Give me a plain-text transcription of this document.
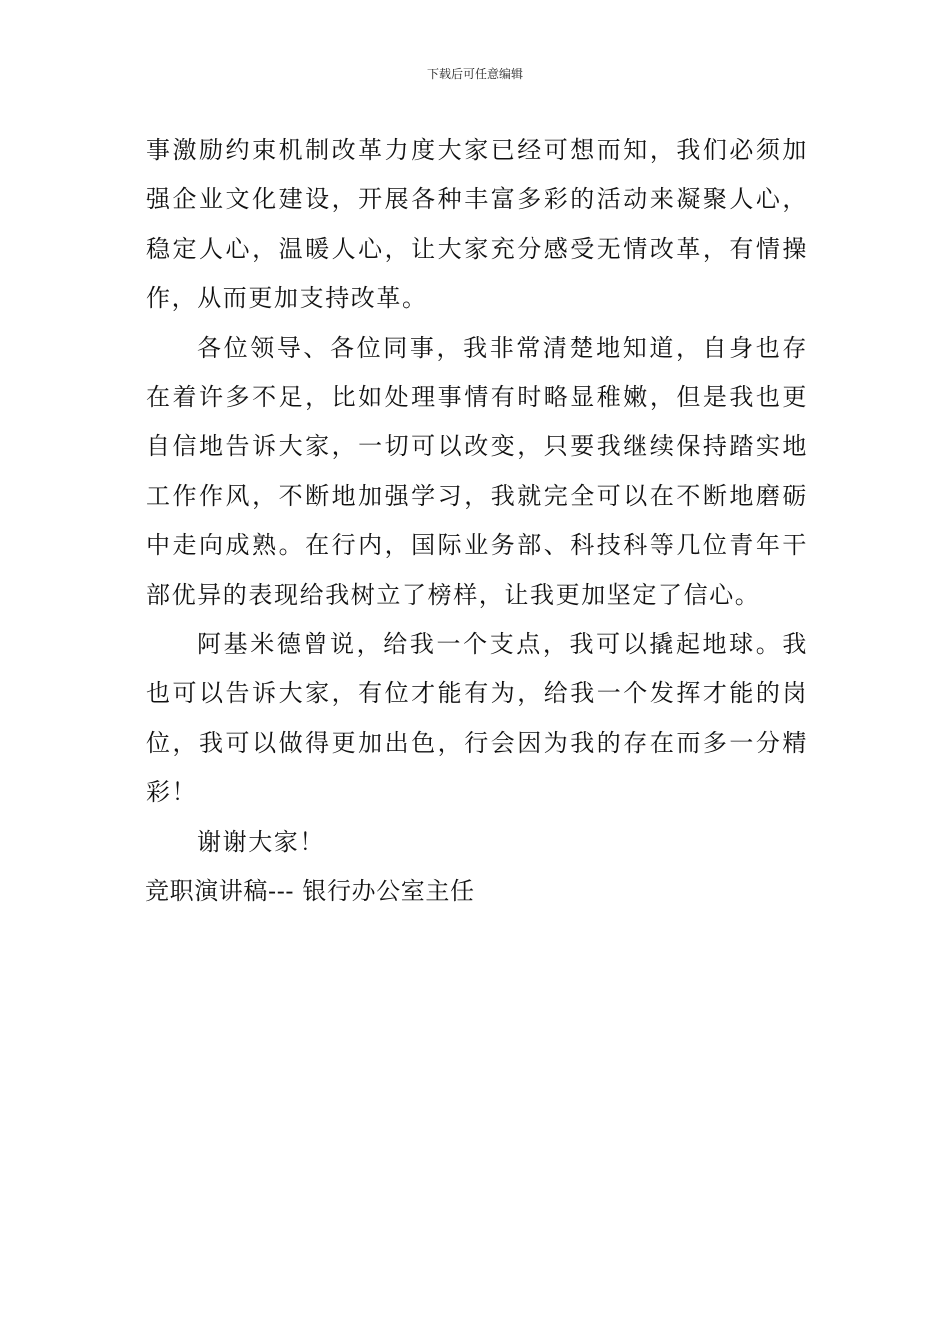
下载后可任意编辑

事激励约束机制改革力度大家已经可想而知，我们必须加强企业文化建设，开展各种丰富多彩的活动来凝聚人心，稳定人心，温暖人心，让大家充分感受无情改革，有情操作，从而更加支持改革。

各位领导、各位同事，我非常清楚地知道，自身也存在着许多不足，比如处理事情有时略显稚嫩，但是我也更自信地告诉大家，一切可以改变，只要我继续保持踏实地工作作风，不断地加强学习，我就完全可以在不断地磨砺中走向成熟。在行内，国际业务部、科技科等几位青年干部优异的表现给我树立了榜样，让我更加坚定了信心。

阿基米德曾说，给我一个支点，我可以撬起地球。我也可以告诉大家，有位才能有为，给我一个发挥才能的岗位，我可以做得更加出色，行会因为我的存在而多一分精彩！

谢谢大家！

竞职演讲稿--- 银行办公室主任
